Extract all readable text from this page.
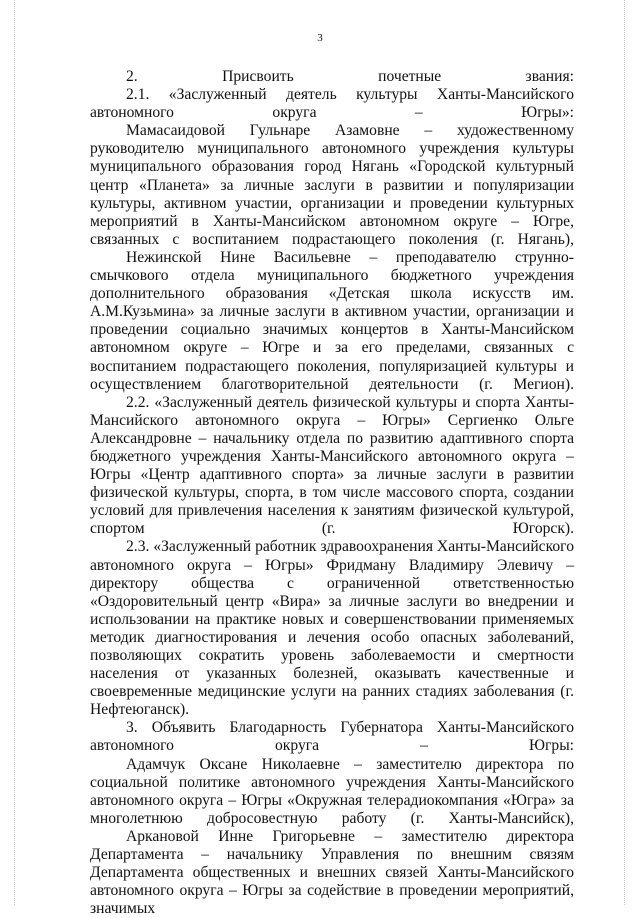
3

2. Присвоить почетные звания:

2.1. «Заслуженный деятель культуры Ханты-Мансийского автономного округа – Югры»:

Мамасаидовой Гульнаре Азамовне – художественному руководителю муниципального автономного учреждения культуры муниципального образования город Нягань «Городской культурный центр «Планета» за личные заслуги в развитии и популяризации культуры, активном участии, организации и проведении культурных мероприятий в Ханты-Мансийском автономном округе – Югре, связанных с воспитанием подрастающего поколения (г. Нягань),

Нежинской Нине Васильевне – преподавателю струнно-смычкового отдела муниципального бюджетного учреждения дополнительного образования «Детская школа искусств им. А.М.Кузьмина» за личные заслуги в активном участии, организации и проведении социально значимых концертов в Ханты-Мансийском автономном округе – Югре и за его пределами, связанных с воспитанием подрастающего поколения, популяризацией культуры и осуществлением благотворительной деятельности (г. Мегион).

2.2. «Заслуженный деятель физической культуры и спорта Ханты-Мансийского автономного округа – Югры» Сергиенко Ольге Александровне – начальнику отдела по развитию адаптивного спорта бюджетного учреждения Ханты-Мансийского автономного округа – Югры «Центр адаптивного спорта» за личные заслуги в развитии физической культуры, спорта, в том числе массового спорта, создании условий для привлечения населения к занятиям физической культурой, спортом (г. Югорск).

2.3. «Заслуженный работник здравоохранения Ханты-Мансийского автономного округа – Югры» Фридману Владимиру Элевичу – директору общества с ограниченной ответственностью «Оздоровительный центр «Вира» за личные заслуги во внедрении и использовании на практике новых и совершенствовании применяемых методик диагностирования и лечения особо опасных заболеваний, позволяющих сократить уровень заболеваемости и смертности населения от указанных болезней, оказывать качественные и своевременные медицинские услуги на ранних стадиях заболевания (г. Нефтеюганск).

3. Объявить Благодарность Губернатора Ханты-Мансийского автономного округа – Югры:

Адамчук Оксане Николаевне – заместителю директора по социальной политике автономного учреждения Ханты-Мансийского автономного округа – Югры «Окружная телерадиокомпания «Югра» за многолетнюю добросовестную работу (г. Ханты-Мансийск),

Аркановой Инне Григорьевне – заместителю директора Департамента – начальнику Управления по внешним связям Департамента общественных и внешних связей Ханты-Мансийского автономного округа – Югры за содействие в проведении мероприятий, значимых
